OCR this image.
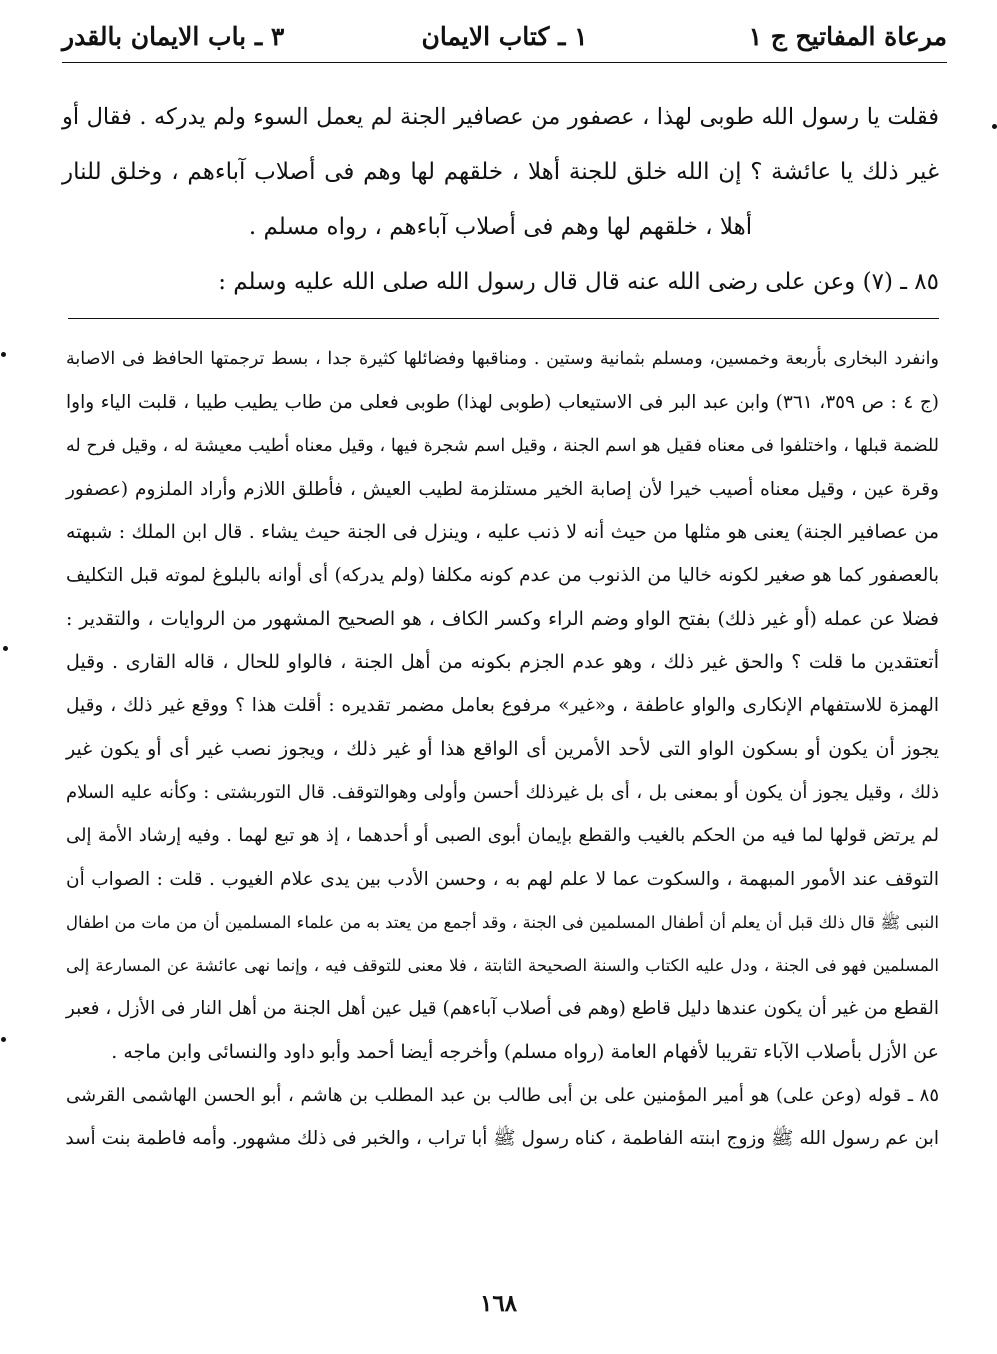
مرعاة المفاتيح ج ١
١ ـ كتاب الايمان
٣ ـ باب الايمان بالقدر

فقلت يا رسول الله طوبى لهذا ، عصفور من عصافير الجنة لم يعمل السوء ولم يدركه . فقال أو

غير ذلك يا عائشة ؟ إن الله خلق للجنة أهلا ، خلقهم لها وهم فى أصلاب آباءهم ، وخلق للنار

أهلا ، خلقهم لها وهم فى أصلاب آباءهم ، رواه مسلم .

٨٥ ـ (٧) وعن على رضى الله عنه قال قال رسول الله صلى الله عليه وسلم :

وانفرد البخارى بأربعة وخمسين، ومسلم بثمانية وستين . ومناقبها وفضائلها كثيرة جدا ، بسط ترجمتها الحافظ فى الاصابة

(ج ٤ : ص ٣٥٩، ٣٦١) وابن عبد البر فى الاستيعاب (طوبى لهذا) طوبى فعلى من طاب يطيب طيبا ، قلبت الياء واوا

للضمة قبلها ، واختلفوا فى معناه فقيل هو اسم الجنة ، وقيل اسم شجرة فيها ، وقيل معناه أطيب معيشة له ، وقيل فرح له

وقرة عين ، وقيل معناه أصيب خيرا لأن إصابة الخير مستلزمة لطيب العيش ، فأطلق اللازم وأراد الملزوم (عصفور

من عصافير الجنة) يعنى هو مثلها من حيث أنه لا ذنب عليه ، وينزل فى الجنة حيث يشاء . قال ابن الملك : شبهته

بالعصفور كما هو صغير لكونه خاليا من الذنوب من عدم كونه مكلفا (ولم يدركه) أى أوانه بالبلوغ لموته قبل التكليف

فضلا عن عمله (أو غير ذلك) بفتح الواو وضم الراء وكسر الكاف ، هو الصحيح المشهور من الروايات ، والتقدير :

أتعتقدين ما قلت ؟ والحق غير ذلك ، وهو عدم الجزم بكونه من أهل الجنة ، فالواو للحال ، قاله القارى . وقيل

الهمزة للاستفهام الإنكارى والواو عاطفة ، و«غير» مرفوع بعامل مضمر تقديره : أقلت هذا ؟ ووقع غير ذلك ، وقيل

يجوز أن يكون أو بسكون الواو التى لأحد الأمرين أى الواقع هذا أو غير ذلك ، ويجوز نصب غير أى أو يكون غير

ذلك ، وقيل يجوز أن يكون أو بمعنى بل ، أى بل غيرذلك أحسن وأولى وهوالتوقف. قال التوربشتى : وكأنه عليه السلام

لم يرتض قولها لما فيه من الحكم بالغيب والقطع بإيمان أبوى الصبى أو أحدهما ، إذ هو تبع لهما . وفيه إرشاد الأمة إلى

التوقف عند الأمور المبهمة ، والسكوت عما لا علم لهم به ، وحسن الأدب بين يدى علام الغيوب . قلت : الصواب أن

النبى ﷺ قال ذلك قبل أن يعلم أن أطفال المسلمين فى الجنة ، وقد أجمع من يعتد به من علماء المسلمين أن من مات من اطفال

المسلمين فهو فى الجنة ، ودل عليه الكتاب والسنة الصحيحة الثابتة ، فلا معنى للتوقف فيه ، وإنما نهى عائشة عن المسارعة إلى

القطع من غير أن يكون عندها دليل قاطع (وهم فى أصلاب آباءهم) قيل عين أهل الجنة من أهل النار فى الأزل ، فعبر

عن الأزل بأصلاب الآباء تقريبا لأفهام العامة (رواه مسلم) وأخرجه أيضا أحمد وأبو داود والنسائى وابن ماجه .

٨٥ ـ قوله (وعن على) هو أمير المؤمنين على بن أبى طالب بن عبد المطلب بن هاشم ، أبو الحسن الهاشمى القرشى

ابن عم رسول الله ﷺ وزوج ابنته الفاطمة ، كناه رسول ﷺ أبا تراب ، والخبر فى ذلك مشهور. وأمه فاطمة بنت أسد

١٦٨
